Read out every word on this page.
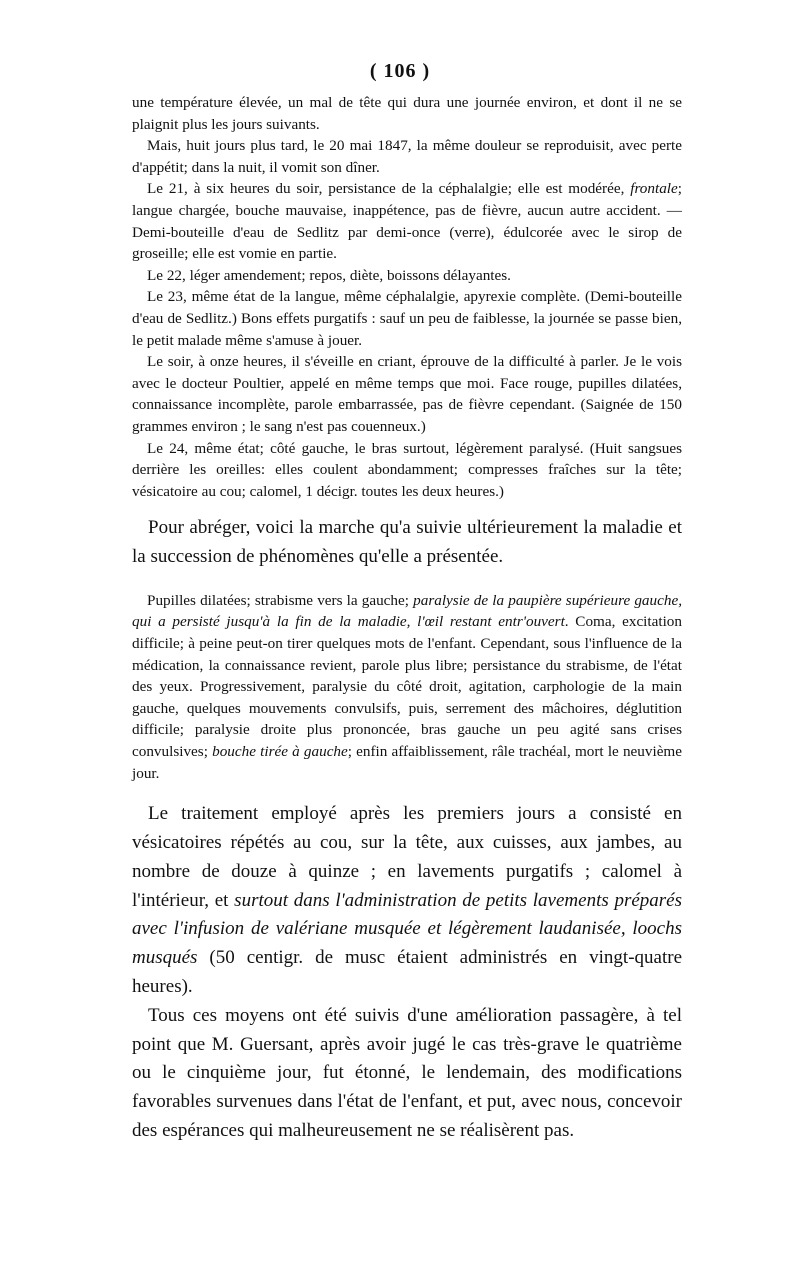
( 106 )

une température élevée, un mal de tête qui dura une journée environ, et dont il ne se plaignit plus les jours suivants.

Mais, huit jours plus tard, le 20 mai 1847, la même douleur se reproduisit, avec perte d'appétit; dans la nuit, il vomit son dîner.

Le 21, à six heures du soir, persistance de la céphalalgie; elle est modérée, frontale; langue chargée, bouche mauvaise, inappétence, pas de fièvre, aucun autre accident. — Demi-bouteille d'eau de Sedlitz par demi-once (verre), édulcorée avec le sirop de groseille; elle est vomie en partie.

Le 22, léger amendement; repos, diète, boissons délayantes.

Le 23, même état de la langue, même céphalalgie, apyrexie complète. (Demi-bouteille d'eau de Sedlitz.) Bons effets purgatifs : sauf un peu de faiblesse, la journée se passe bien, le petit malade même s'amuse à jouer.

Le soir, à onze heures, il s'éveille en criant, éprouve de la difficulté à parler. Je le vois avec le docteur Poultier, appelé en même temps que moi. Face rouge, pupilles dilatées, connaissance incomplète, parole embarrassée, pas de fièvre cependant. (Saignée de 150 grammes environ ; le sang n'est pas couenneux.)

Le 24, même état; côté gauche, le bras surtout, légèrement paralysé. (Huit sangsues derrière les oreilles: elles coulent abondamment; compresses fraîches sur la tête; vésicatoire au cou; calomel, 1 décigr. toutes les deux heures.)

Pour abréger, voici la marche qu'a suivie ultérieurement la maladie et la succession de phénomènes qu'elle a présentée.

Pupilles dilatées; strabisme vers la gauche; paralysie de la paupière supérieure gauche, qui a persisté jusqu'à la fin de la maladie, l'œil restant entr'ouvert. Coma, excitation difficile; à peine peut-on tirer quelques mots de l'enfant. Cependant, sous l'influence de la médication, la connaissance revient, parole plus libre; persistance du strabisme, de l'état des yeux. Progressivement, paralysie du côté droit, agitation, carphologie de la main gauche, quelques mouvements convulsifs, puis, serrement des mâchoires, déglutition difficile; paralysie droite plus prononcée, bras gauche un peu agité sans crises convulsives; bouche tirée à gauche; enfin affaiblissement, râle trachéal, mort le neuvième jour.

Le traitement employé après les premiers jours a consisté en vésicatoires répétés au cou, sur la tête, aux cuisses, aux jambes, au nombre de douze à quinze ; en lavements purgatifs ; calomel à l'intérieur, et surtout dans l'administration de petits lavements préparés avec l'infusion de valériane musquée et légèrement laudanisée, loochs musqués (50 centigr. de musc étaient administrés en vingt-quatre heures).

Tous ces moyens ont été suivis d'une amélioration passagère, à tel point que M. Guersant, après avoir jugé le cas très-grave le quatrième ou le cinquième jour, fut étonné, le lendemain, des modifications favorables survenues dans l'état de l'enfant, et put, avec nous, concevoir des espérances qui malheureusement ne se réalisèrent pas.
